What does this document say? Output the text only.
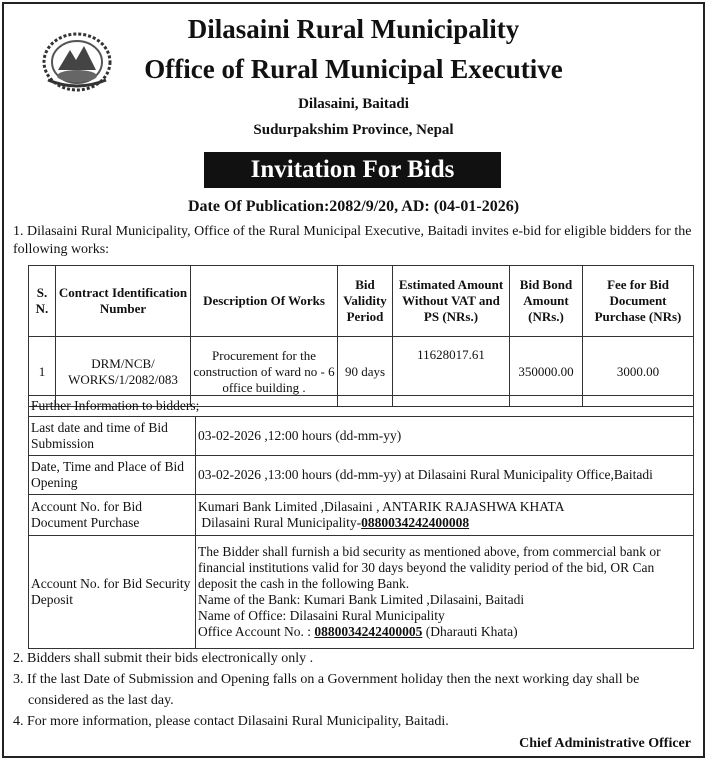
Dilasaini Rural Municipality
Office of Rural Municipal Executive
Dilasaini, Baitadi
Sudurpakshim Province, Nepal
Invitation For Bids
Date Of Publication:2082/9/20, AD: (04-01-2026)
1. Dilasaini Rural Municipality, Office of the Rural Municipal Executive, Baitadi invites e-bid for eligible bidders for the following works:
S. N.	Contract Identification Number	Description Of Works	Bid Validity Period	Estimated Amount Without VAT and PS (NRs.)	Bid Bond Amount (NRs.)	Fee for Bid Document Purchase (NRs)
1	DRM/NCB/ WORKS/1/2082/083	Procurement for the construction of ward no - 6 office building .	90 days	11628017.61	350000.00	3000.00
Further Information to bidders;	
Last date and time of Bid Submission	03-02-2026 ,12:00 hours (dd-mm-yy)
Date, Time and Place of Bid Opening	03-02-2026 ,13:00 hours (dd-mm-yy) at Dilasaini Rural Municipality Office,Baitadi
Account No. for Bid Document Purchase	Kumari Bank Limited ,Dilasaini , ANTARIK RAJASHWA KHATA
Dilasaini Rural Municipality-0880034242400008

Account No. for Bid Security Deposit	The Bidder shall furnish a bid security as mentioned above, from commercial bank or financial institutions valid for 30 days beyond the validity period of the bid, OR Can deposit the cash in the following Bank.
Name of the Bank: Kumari Bank Limited ,Dilasaini, Baitadi
Name of Office: Dilasaini Rural Municipality
Office Account No. : 0880034242400005 (Dharauti Khata)

2. Bidders shall submit their bids electronically only .

3. If the last Date of Submission and Opening falls on a Government holiday then the next working day shall be considered as the last day.

4. For more information, please contact Dilasaini Rural Municipality, Baitadi.

Chief Administrative Officer
